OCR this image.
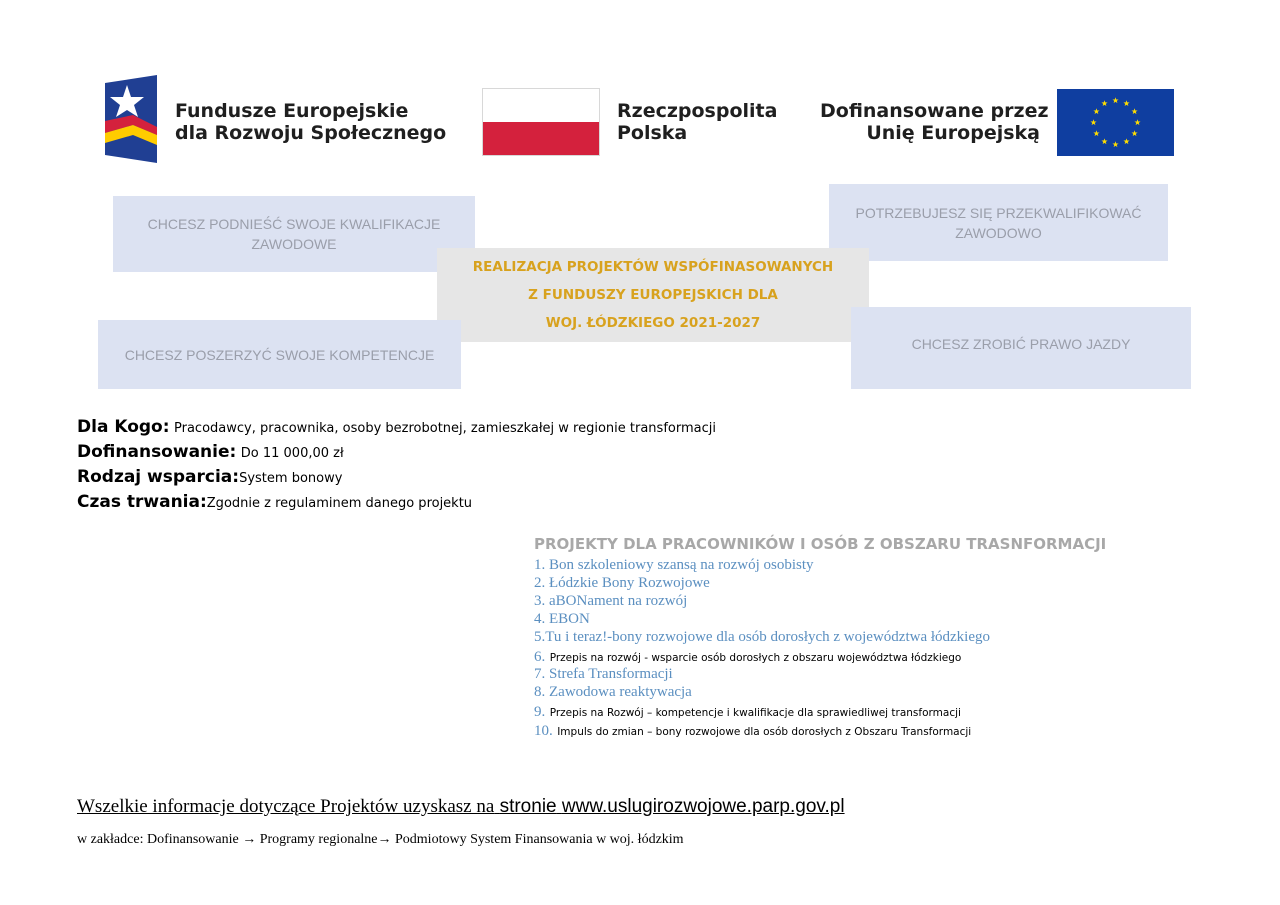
Fundusze Europejskie
dla Rozwoju Społecznego
Rzeczpospolita
Polska
Dofinansowane przez
Unię Europejską
CHCESZ PODNIEŚĆ SWOJE KWALIFIKACJE ZAWODOWE
POTRZEBUJESZ SIĘ PRZEKWALIFIKOWAĆ ZAWODOWO
REALIZACJA PROJEKTÓW WSPÓFINASOWANYCH
Z FUNDUSZY EUROPEJSKICH DLA
WOJ. ŁÓDZKIEGO 2021-2027
CHCESZ POSZERZYĆ SWOJE KOMPETENCJE
CHCESZ ZROBIĆ PRAWO JAZDY
Dla Kogo: Pracodawcy, pracownika, osoby bezrobotnej, zamieszkałej w regionie transformacji
Dofinansowanie: Do 11 000,00 zł
Rodzaj wsparcia:System bonowy
Czas trwania:Zgodnie z regulaminem danego projektu
PROJEKTY DLA PRACOWNIKÓW I OSÓB Z OBSZARU TRASNFORMACJI
1. Bon szkoleniowy szansą na rozwój osobisty
2. Łódzkie Bony Rozwojowe
3. aBONament na rozwój
4. EBON
5.Tu i teraz!-bony rozwojowe dla osób dorosłych z województwa łódzkiego
6. Przepis na rozwój - wsparcie osób dorosłych z obszaru województwa łódzkiego
7. Strefa Transformacji
8. Zawodowa reaktywacja
9. Przepis na Rozwój – kompetencje i kwalifikacje dla sprawiedliwej transformacji
10. Impuls do zmian – bony rozwojowe dla osób dorosłych z Obszaru Transformacji
Wszelkie informacje dotyczące Projektów uzyskasz na stronie www.uslugirozwojowe.parp.gov.pl
w zakładce: Dofinansowanie → Programy regionalne→ Podmiotowy System Finansowania w woj. łódzkim
